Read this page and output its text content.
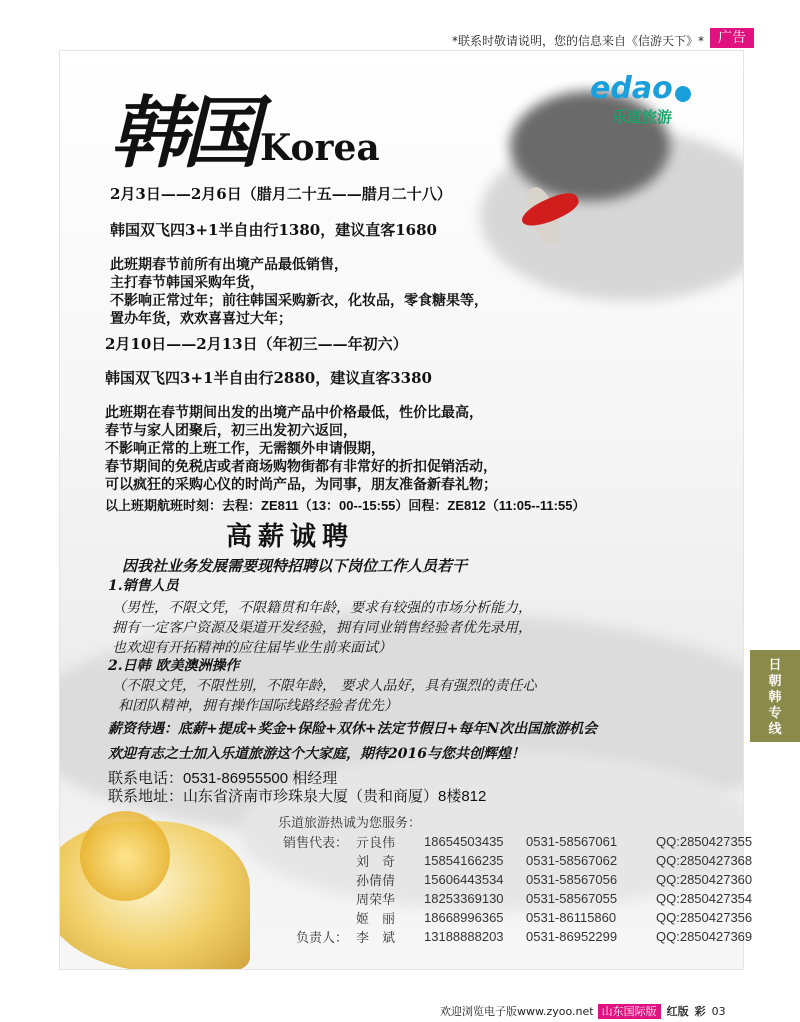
*联系时敬请说明，您的信息来自《信游天下》*	广告
韩国 Korea
edao
乐道旅游
2月3日——2月6日（腊月二十五——腊月二十八）
韩国双飞四3+1半自由行1380，建议直客1680
此班期春节前所有出境产品最低销售，
主打春节韩国采购年货，
不影响正常过年；前往韩国采购新衣，化妆品，零食糖果等，
置办年货，欢欢喜喜过大年；
2月10日——2月13日（年初三——年初六）
韩国双飞四3+1半自由行2880，建议直客3380
此班期在春节期间出发的出境产品中价格最低，性价比最高，
春节与家人团聚后，初三出发初六返回，
不影响正常的上班工作，无需额外申请假期，
春节期间的免税店或者商场购物街都有非常好的折扣促销活动，
可以疯狂的采购心仪的时尚产品，为同事，朋友准备新春礼物；
以上班期航班时刻：去程：ZE811（13：00--15:55）回程：ZE812（11:05--11:55）
高薪诚聘
因我社业务发展需要现特招聘以下岗位工作人员若干
1.销售人员
（男性，不限文凭，不限籍贯和年龄，要求有较强的市场分析能力，
拥有一定客户资源及渠道开发经验，拥有同业销售经验者优先录用，
也欢迎有开拓精神的应往届毕业生前来面试）
2.日韩 欧美澳洲操作
（不限文凭，不限性别，不限年龄， 要求人品好，具有强烈的责任心
和团队精神，拥有操作国际线路经验者优先）
薪资待遇：底薪+提成+奖金+保险+双休+法定节假日+每年N次出国旅游机会
欢迎有志之士加入乐道旅游这个大家庭，期待2016与您共创辉煌！
联系电话：0531-86955500 相经理
联系地址：山东省济南市珍珠泉大厦（贵和商厦）8楼812
乐道旅游热诚为您服务：
销售代表：	亓良伟	18654503435	0531-58567061	QQ:2850427355
	刘　奇	15854166235	0531-58567062	QQ:2850427368
	孙倩倩	15606443534	0531-58567056	QQ:2850427360
	周荣华	18253369130	0531-58567055	QQ:2850427354
	姬　丽	18668996365	0531-86115860	QQ:2850427356
负责人：	李　斌	13188888203	0531-86952299	QQ:2850427369
日
朝
韩
专
线
欢迎浏览电子版www.zyoo.net 山东国际版 红版 彩 03
